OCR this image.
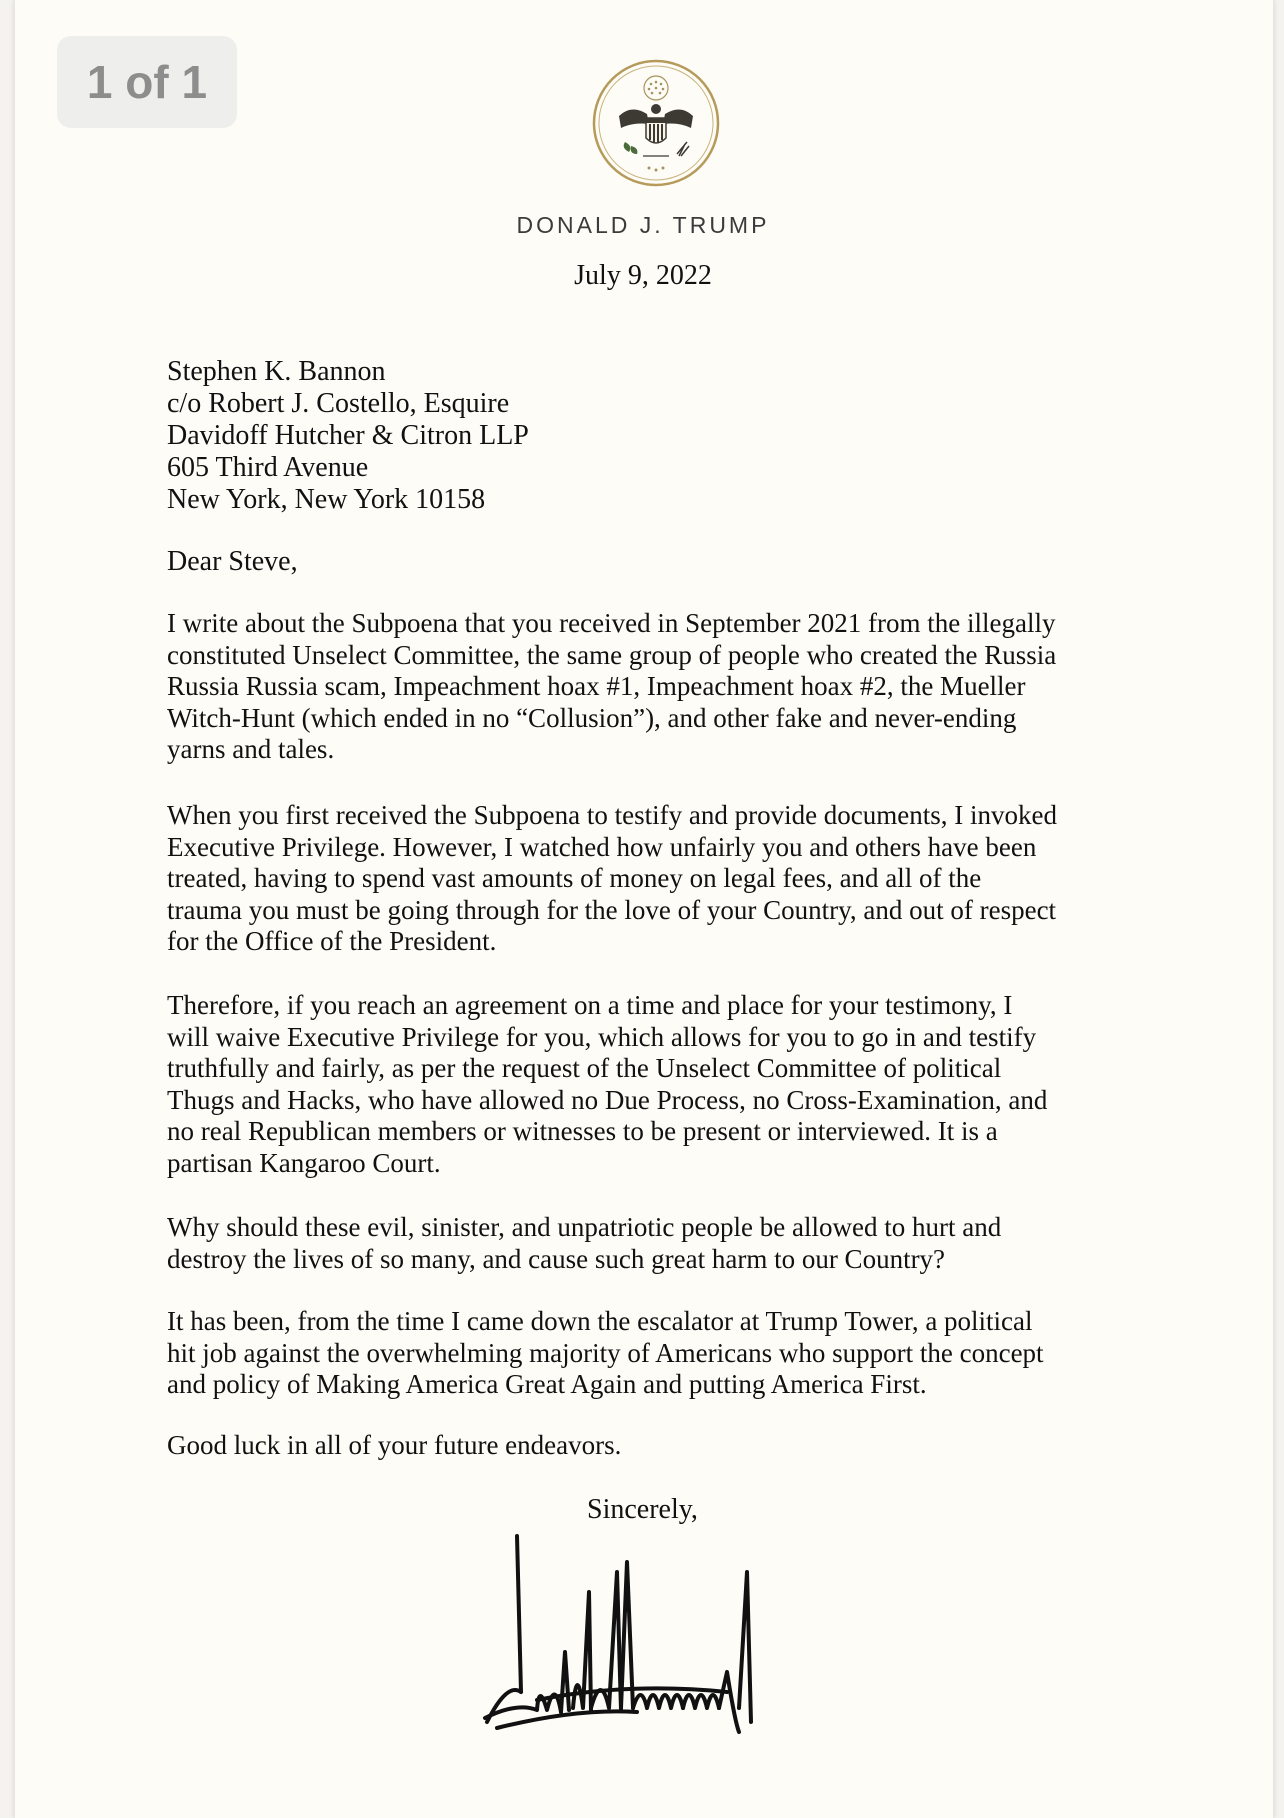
DONALD J. TRUMP
July 9, 2022
Stephen K. Bannon
c/o Robert J. Costello, Esquire
Davidoff Hutcher & Citron LLP
605 Third Avenue
New York, New York 10158
Dear Steve,
I write about the Subpoena that you received in September 2021 from the illegally
constituted Unselect Committee, the same group of people who created the Russia
Russia Russia scam, Impeachment hoax #1, Impeachment hoax #2, the Mueller
Witch-Hunt (which ended in no “Collusion”), and other fake and never-ending
yarns and tales.
When you first received the Subpoena to testify and provide documents, I invoked
Executive Privilege. However, I watched how unfairly you and others have been
treated, having to spend vast amounts of money on legal fees, and all of the
trauma you must be going through for the love of your Country, and out of respect
for the Office of the President.
Therefore, if you reach an agreement on a time and place for your testimony, I
will waive Executive Privilege for you, which allows for you to go in and testify
truthfully and fairly, as per the request of the Unselect Committee of political
Thugs and Hacks, who have allowed no Due Process, no Cross-Examination, and
no real Republican members or witnesses to be present or interviewed. It is a
partisan Kangaroo Court.
Why should these evil, sinister, and unpatriotic people be allowed to hurt and
destroy the lives of so many, and cause such great harm to our Country?
It has been, from the time I came down the escalator at Trump Tower, a political
hit job against the overwhelming majority of Americans who support the concept
and policy of Making America Great Again and putting America First.
Good luck in all of your future endeavors.
Sincerely,
1 of 1
